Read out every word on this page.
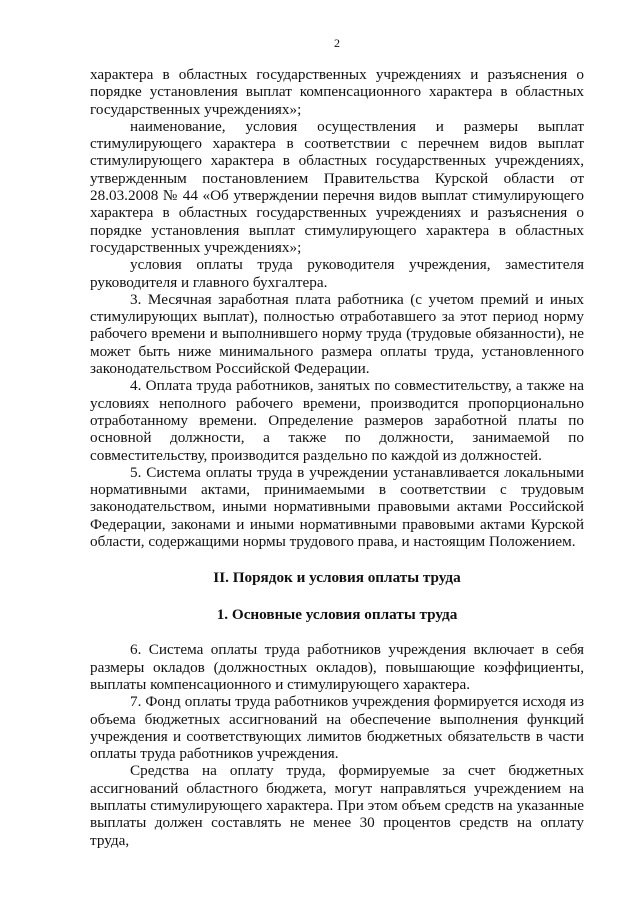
2

характера в областных государственных учреждениях и разъяснения о порядке установления выплат компенсационного характера в областных государственных учреждениях»;

наименование, условия осуществления и размеры выплат стимулирующего характера в соответствии с перечнем видов выплат стимулирующего характера в областных государственных учреждениях, утвержденным постановлением Правительства Курской области от 28.03.2008 № 44 «Об утверждении перечня видов выплат стимулирующего характера в областных государственных учреждениях и разъяснения о порядке установления выплат стимулирующего характера в областных государственных учреждениях»;

условия оплаты труда руководителя учреждения, заместителя руководителя и главного бухгалтера.

3. Месячная заработная плата работника (с учетом премий и иных стимулирующих выплат), полностью отработавшего за этот период норму рабочего времени и выполнившего норму труда (трудовые обязанности), не может быть ниже минимального размера оплаты труда, установленного законодательством Российской Федерации.

4. Оплата труда работников, занятых по совместительству, а также на условиях неполного рабочего времени, производится пропорционально отработанному времени. Определение размеров заработной платы по основной должности, а также по должности, занимаемой по совместительству, производится раздельно по каждой из должностей.

5. Система оплаты труда в учреждении устанавливается локальными нормативными актами, принимаемыми в соответствии с трудовым законодательством, иными нормативными правовыми актами Российской Федерации, законами и иными нормативными правовыми актами Курской области, содержащими нормы трудового права, и настоящим Положением.

II. Порядок и условия оплаты труда
1. Основные условия оплаты труда

6. Система оплаты труда работников учреждения включает в себя размеры окладов (должностных окладов), повышающие коэффициенты, выплаты компенсационного и стимулирующего характера.

7. Фонд оплаты труда работников учреждения формируется исходя из объема бюджетных ассигнований на обеспечение выполнения функций учреждения и соответствующих лимитов бюджетных обязательств в части оплаты труда работников учреждения.

Средства на оплату труда, формируемые за счет бюджетных ассигнований областного бюджета, могут направляться учреждением на выплаты стимулирующего характера. При этом объем средств на указанные выплаты должен составлять не менее 30 процентов средств на оплату труда,
